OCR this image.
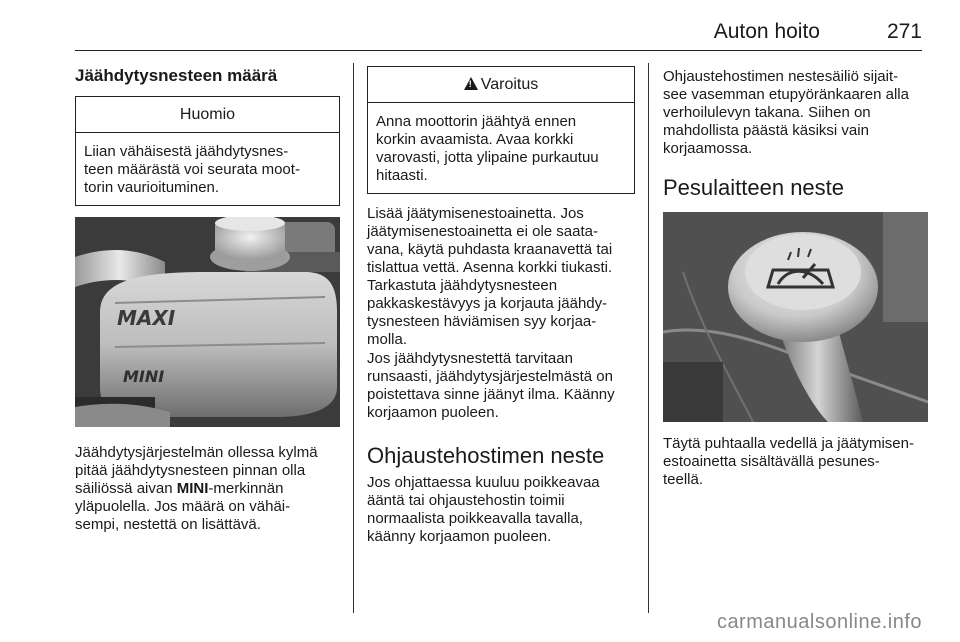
Auton hoito	271
Jäähdytysnesteen määrä
Huomio
Liian vähäisestä jäähdytysnes-
teen määrästä voi seurata moot-
torin vaurioituminen.
MAXI
MINI

Jäähdytysjärjestelmän ollessa kylmä

pitää jäähdytysnesteen pinnan olla

säiliössä aivan MINI-merkinnän

yläpuolella. Jos määrä on vähäi-

sempi, nestettä on lisättävä.

!Varoitus
Anna moottorin jäähtyä ennen
korkin avaamista. Avaa korkki
varovasti, jotta ylipaine purkautuu
hitaasti.

Lisää jäätymisenestoainetta. Jos

jäätymisenestoainetta ei ole saata-

vana, käytä puhdasta kraanavettä tai

tislattua vettä. Asenna korkki tiukasti.

Tarkastuta jäähdytysnesteen

pakkaskestävyys ja korjauta jäähdy-

tysnesteen häviämisen syy korjaa-

molla.

Jos jäähdytysnestettä tarvitaan

runsaasti, jäähdytysjärjestelmästä on

poistettava sinne jäänyt ilma. Käänny

korjaamon puoleen.

Ohjaustehostimen neste

Jos ohjattaessa kuuluu poikkeavaa

ääntä tai ohjaustehostin toimii

normaalista poikkeavalla tavalla,

käänny korjaamon puoleen.

Ohjaustehostimen nestesäiliö sijait-

see vasemman etupyöränkaaren alla

verhoilulevyn takana. Siihen on

mahdollista päästä käsiksi vain

korjaamossa.

Pesulaitteen neste

Täytä puhtaalla vedellä ja jäätymisen-

estoainetta sisältävällä pesunes-

teellä.

carmanualsonline.info
